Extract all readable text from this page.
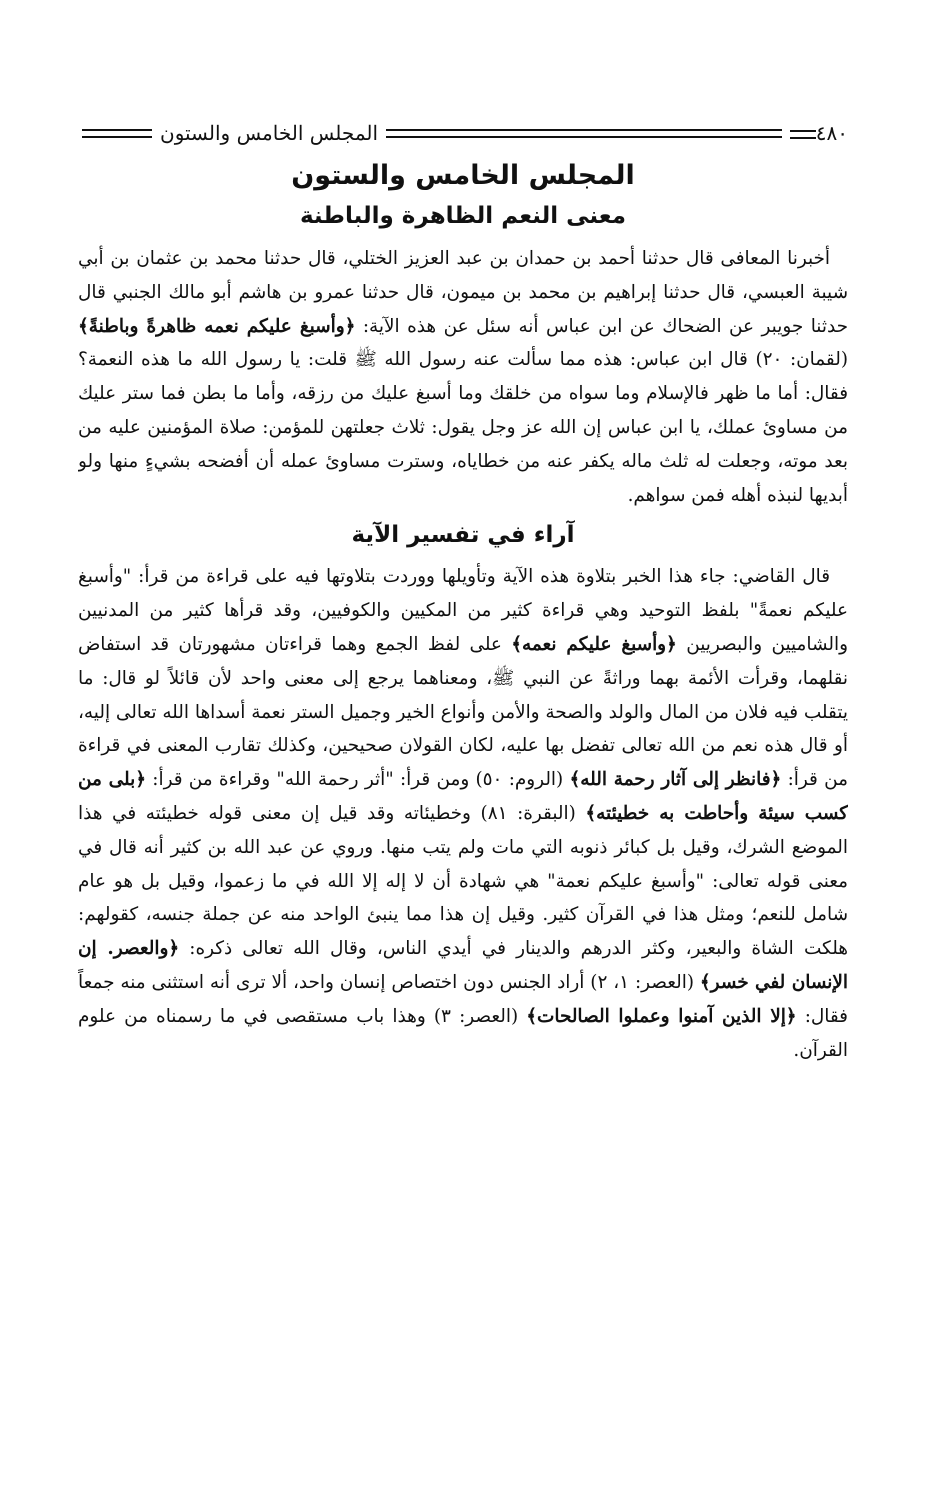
٤٨٠
المجلس الخامس والستون
المجلس الخامس والستون
معنى النعم الظاهرة والباطنة

أخبرنا المعافى قال حدثنا أحمد بن حمدان بن عبد العزيز الختلي، قال حدثنا محمد بن عثمان بن أبي شيبة العبسي، قال حدثنا إبراهيم بن محمد بن ميمون، قال حدثنا عمرو بن هاشم أبو مالك الجنبي قال حدثنا جويبر عن الضحاك عن ابن عباس أنه سئل عن هذه الآية: ﴿وأسبغ عليكم نعمه ظاهرةً وباطنةً﴾ (لقمان: ٢٠) قال ابن عباس: هذه مما سألت عنه رسول الله ﷺ قلت: يا رسول الله ما هذه النعمة؟ فقال: أما ما ظهر فالإسلام وما سواه من خلقك وما أسبغ عليك من رزقه، وأما ما بطن فما ستر عليك من مساوئ عملك، يا ابن عباس إن الله عز وجل يقول: ثلاث جعلتهن للمؤمن: صلاة المؤمنين عليه من بعد موته، وجعلت له ثلث ماله يكفر عنه من خطاياه، وسترت مساوئ عمله أن أفضحه بشيءٍ منها ولو أبديها لنبذه أهله فمن سواهم.

آراء في تفسير الآية

قال القاضي: جاء هذا الخبر بتلاوة هذه الآية وتأويلها ووردت بتلاوتها فيه على قراءة من قرأ: "وأسبغ عليكم نعمةً" بلفظ التوحيد وهي قراءة كثير من المكيين والكوفيين، وقد قرأها كثير من المدنيين والشاميين والبصريين ﴿وأسبغ عليكم نعمه﴾ على لفظ الجمع وهما قراءتان مشهورتان قد استفاض نقلهما، وقرأت الأئمة بهما وراثةً عن النبي ﷺ، ومعناهما يرجع إلى معنى واحد لأن قائلاً لو قال: ما يتقلب فيه فلان من المال والولد والصحة والأمن وأنواع الخير وجميل الستر نعمة أسداها الله تعالى إليه، أو قال هذه نعم من الله تعالى تفضل بها عليه، لكان القولان صحيحين، وكذلك تقارب المعنى في قراءة من قرأ: ﴿فانظر إلى آثار رحمة الله﴾ (الروم: ٥٠) ومن قرأ: "أثر رحمة الله" وقراءة من قرأ: ﴿بلى من كسب سيئة وأحاطت به خطيئته﴾ (البقرة: ٨١) وخطيئاته وقد قيل إن معنى قوله خطيئته في هذا الموضع الشرك، وقيل بل كبائر ذنوبه التي مات ولم يتب منها. وروي عن عبد الله بن كثير أنه قال في معنى قوله تعالى: "وأسبغ عليكم نعمة" هي شهادة أن لا إله إلا الله في ما زعموا، وقيل بل هو عام شامل للنعم؛ ومثل هذا في القرآن كثير. وقيل إن هذا مما ينبئ الواحد منه عن جملة جنسه، كقولهم: هلكت الشاة والبعير، وكثر الدرهم والدينار في أيدي الناس، وقال الله تعالى ذكره: ﴿والعصر. إن الإنسان لفي خسر﴾ (العصر: ١، ٢) أراد الجنس دون اختصاص إنسان واحد، ألا ترى أنه استثنى منه جمعاً فقال: ﴿إلا الذين آمنوا وعملوا الصالحات﴾ (العصر: ٣) وهذا باب مستقصى في ما رسمناه من علوم القرآن.
